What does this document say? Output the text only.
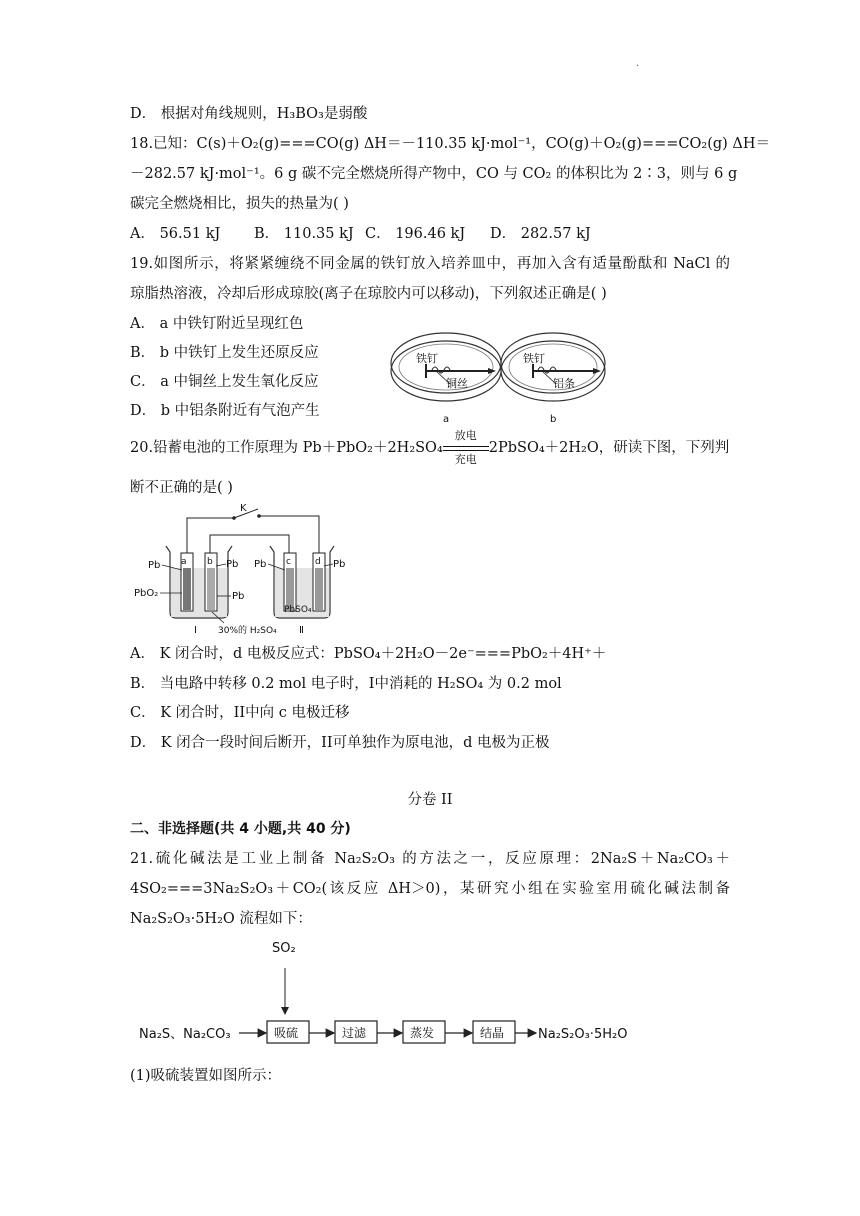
.
D． 根据对角线规则，H₃BO₃是弱酸
18.已知：C(s)＋O₂(g)===CO(g) ΔH＝－110.35 kJ·mol⁻¹，CO(g)＋O₂(g)===CO₂(g) ΔH＝
－282.57 kJ·mol⁻¹。6 g 碳不完全燃烧所得产物中，CO 与 CO₂ 的体积比为 2∶3，则与 6 g
碳完全燃烧相比，损失的热量为( )
A． 56.51 kJ B． 110.35 kJ C． 196.46 kJ D． 282.57 kJ
19.如图所示，将紧紧缠绕不同金属的铁钉放入培养皿中，再加入含有适量酚酞和 NaCl 的
琼脂热溶液，冷却后形成琼胶(离子在琼胶内可以移动)，下列叙述正确是( )
A． a 中铁钉附近呈现红色
B． b 中铁钉上发生还原反应
C． a 中铜丝上发生氧化反应
D． b 中铝条附近有气泡产生
铁钉
铜丝
a
铁钉
铝条
b
20.铅蓄电池的工作原理为 Pb＋PbO₂＋2H₂SO₄
放电
充电
2PbSO₄＋2H₂O，研读下图，下列判
断不正确的是( )
K
a b	c	d
Pb
PbO₂
Pb
Pb
Pb	Pb
PbSO₄
Ⅰ 30%的 H₂SO₄ Ⅱ
A． K 闭合时，d 电极反应式：PbSO₄＋2H₂O－2e⁻===PbO₂＋4H⁺＋
B． 当电路中转移 0.2 mol 电子时，I中消耗的 H₂SO₄ 为 0.2 mol
C． K 闭合时，II中向 c 电极迁移
D． K 闭合一段时间后断开，II可单独作为原电池，d 电极为正极
分卷 II
二、非选择题(共 4 小题,共 40 分)
21.硫化碱法是工业上制备 Na₂S₂O₃ 的方法之一，反应原理：2Na₂S＋Na₂CO₃＋
4SO₂===3Na₂S₂O₃＋CO₂(该反应 ΔH＞0)，某研究小组在实验室用硫化碱法制备
Na₂S₂O₃·5H₂O 流程如下：
SO₂
Na₂S、Na₂CO₃	吸硫	过滤	蒸发	结晶	Na₂S₂O₃·5H₂O
(1)吸硫装置如图所示：
